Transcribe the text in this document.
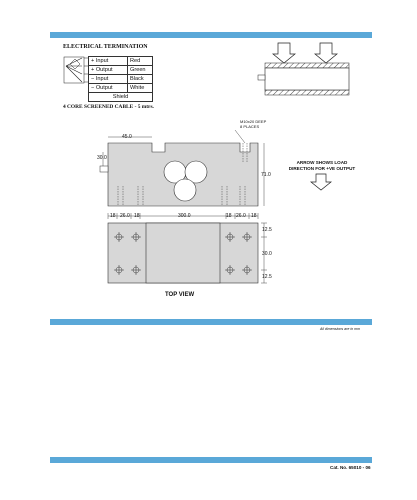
ELECTRICAL TERMINATION
+ Input	Red
+ Output	Green
− Input	Black
− Output	White
Shield	
4 CORE SCREENED CABLE - 5 mtrs.
M10x20 DEEP
8 PLACES
45.0
30.0
71.0
ARROW SHOWS LOAD DIRECTION FOR +VE OUTPUT
18 26.0 18	300.0	18 26.0 18
12.5
30.0
12.5
TOP VIEW
All dimensions are in mm
Cat. No. 65010 - 06
